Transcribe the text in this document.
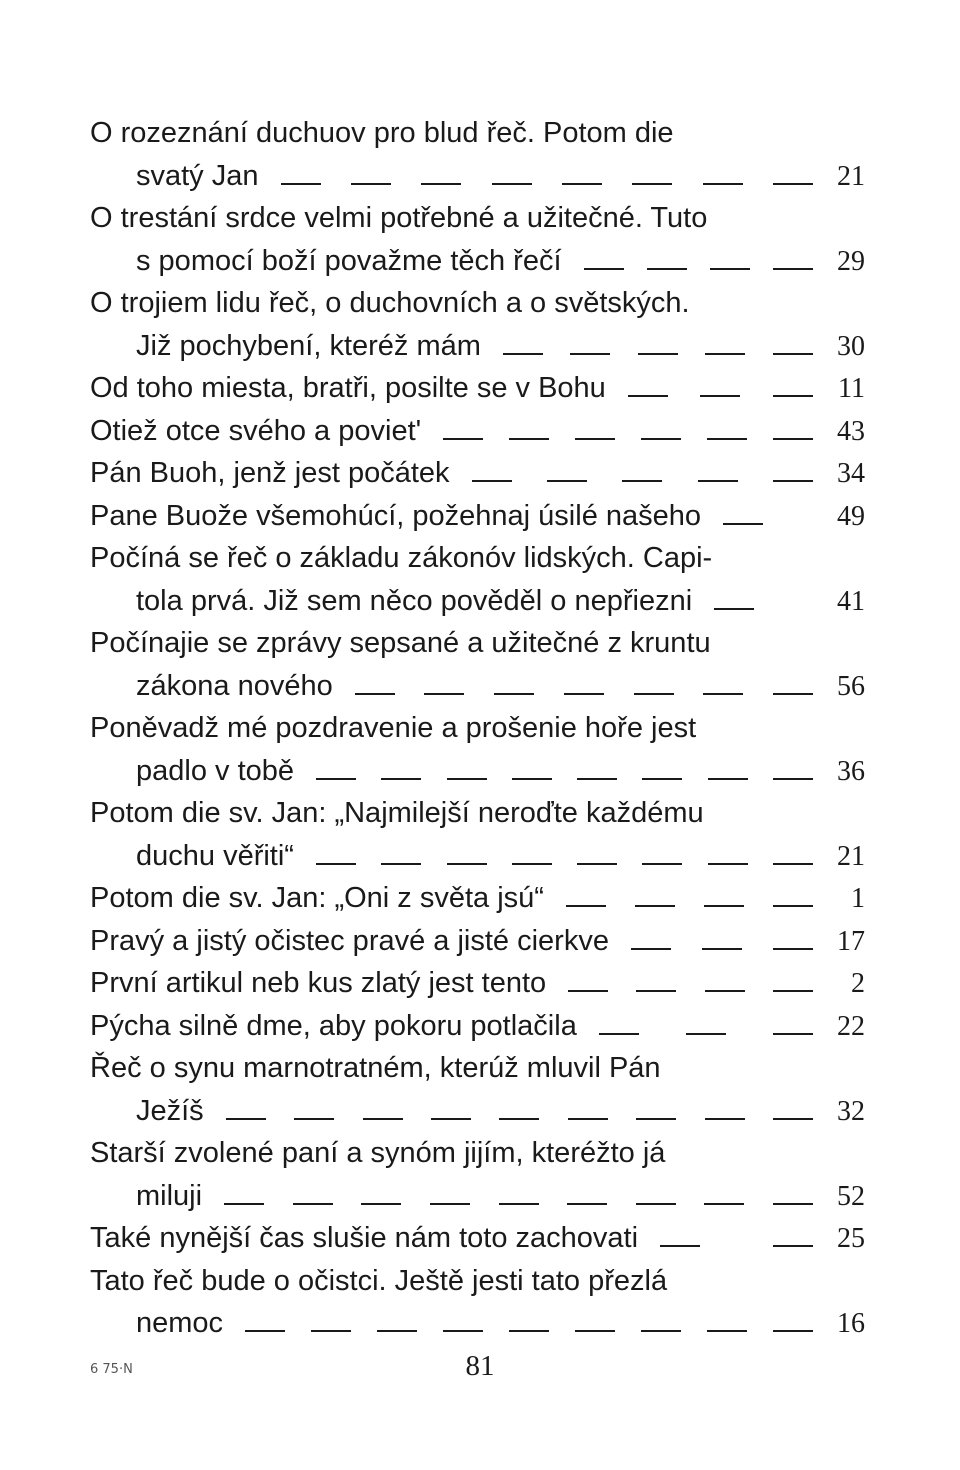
O rozeznání duchuov pro blud řeč. Potom die
svatý Jan	21
O trestání srdce velmi potřebné a užitečné. Tuto
s pomocí boží považme těch řečí	29
O trojiem lidu řeč, o duchovních a o světských.
Již pochybení, kteréž mám	30
Od toho miesta, bratři, posilte se v Bohu	11
Otiež otce svého a poviet'	43
Pán Buoh, jenž jest počátek	34
Pane Buože všemohúcí, požehnaj úsilé našeho	49
Počíná se řeč o základu zákonóv lidských. Capi-
tola prvá. Již sem něco pověděl o nepřiezni	41
Počínajie se zprávy sepsané a užitečné z kruntu
zákona nového	56
Poněvadž mé pozdravenie a prošenie hoře jest
padlo v tobě	36
Potom die sv. Jan: „Najmilejší neroďte každému
duchu věřiti“	21
Potom die sv. Jan: „Oni z světa jsú“	1
Pravý a jistý očistec pravé a jisté cierkve	17
První artikul neb kus zlatý jest tento	2
Pýcha silně dme, aby pokoru potlačila	22
Řeč o synu marnotratném, kterúž mluvil Pán
Ježíš	32
Starší zvolené paní a synóm jijím, kteréžto já
miluji	52
Také nynější čas slušie nám toto zachovati	25
Tato řeč bude o očistci. Ještě jesti tato přezlá
nemoc	16
6 75·N	81
